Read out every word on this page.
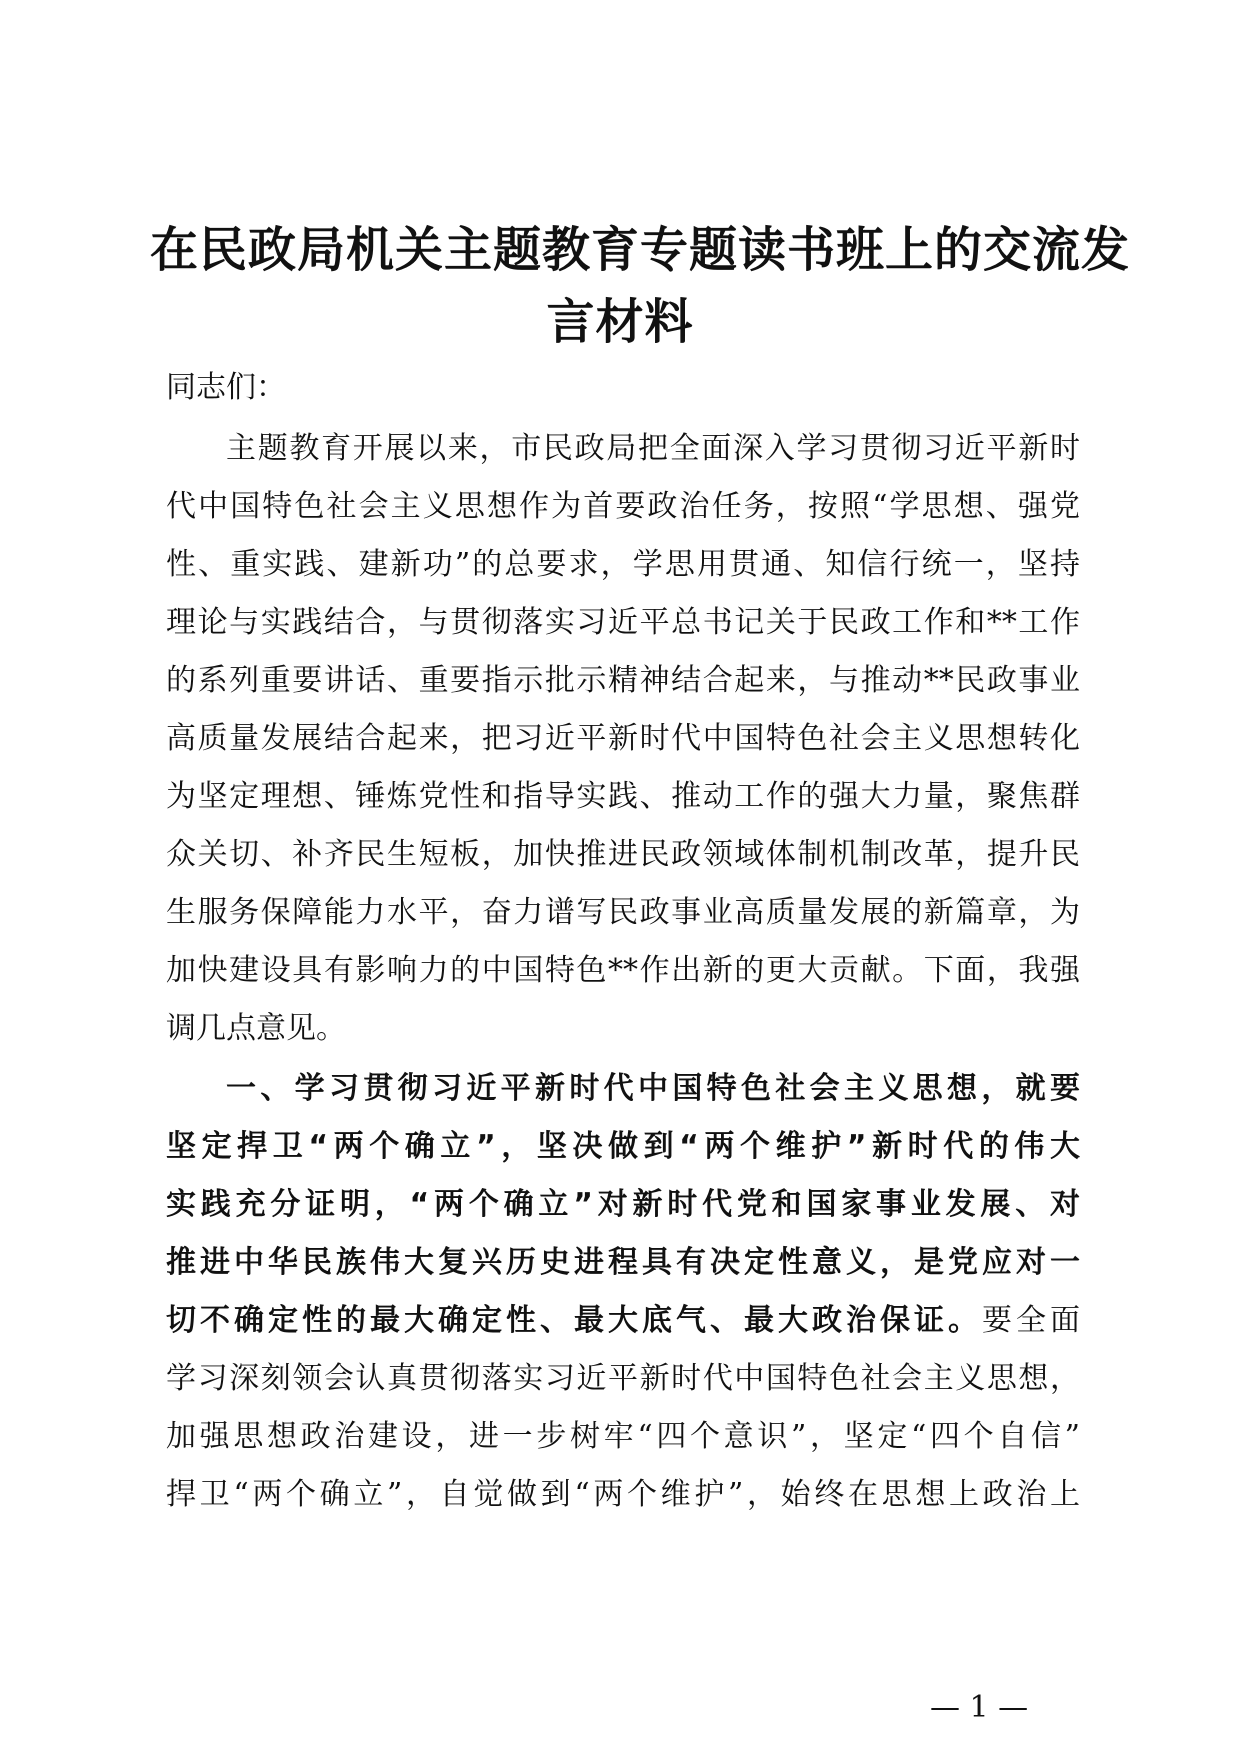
在民政局机关主题教育专题读书班上的交流发
言材料

同志们：

主题教育开展以来，市民政局把全面深入学习贯彻习近平新时
代中国特色社会主义思想作为首要政治任务，按照“学思想、强党
性、重实践、建新功”的总要求，学思用贯通、知信行统一，坚持
理论与实践结合，与贯彻落实习近平总书记关于民政工作和**工作
的系列重要讲话、重要指示批示精神结合起来，与推动**民政事业
高质量发展结合起来，把习近平新时代中国特色社会主义思想转化
为坚定理想、锤炼党性和指导实践、推动工作的强大力量，聚焦群
众关切、补齐民生短板，加快推进民政领域体制机制改革，提升民
生服务保障能力水平，奋力谱写民政事业高质量发展的新篇章，为
加快建设具有影响力的中国特色**作出新的更大贡献。下面，我强
调几点意见。
一、学习贯彻习近平新时代中国特色社会主义思想，就要
坚定捍卫“两个确立”，坚决做到“两个维护”新时代的伟大
实践充分证明，“两个确立”对新时代党和国家事业发展、对
推进中华民族伟大复兴历史进程具有决定性意义，是党应对一
切不确定性的最大确定性、最大底气、最大政治保证。要全面
学习深刻领会认真贯彻落实习近平新时代中国特色社会主义思想，
加强思想政治建设，进一步树牢“四个意识”，坚定“四个自信”
捍卫“两个确立”，自觉做到“两个维护”，始终在思想上政治上

— 1 —
